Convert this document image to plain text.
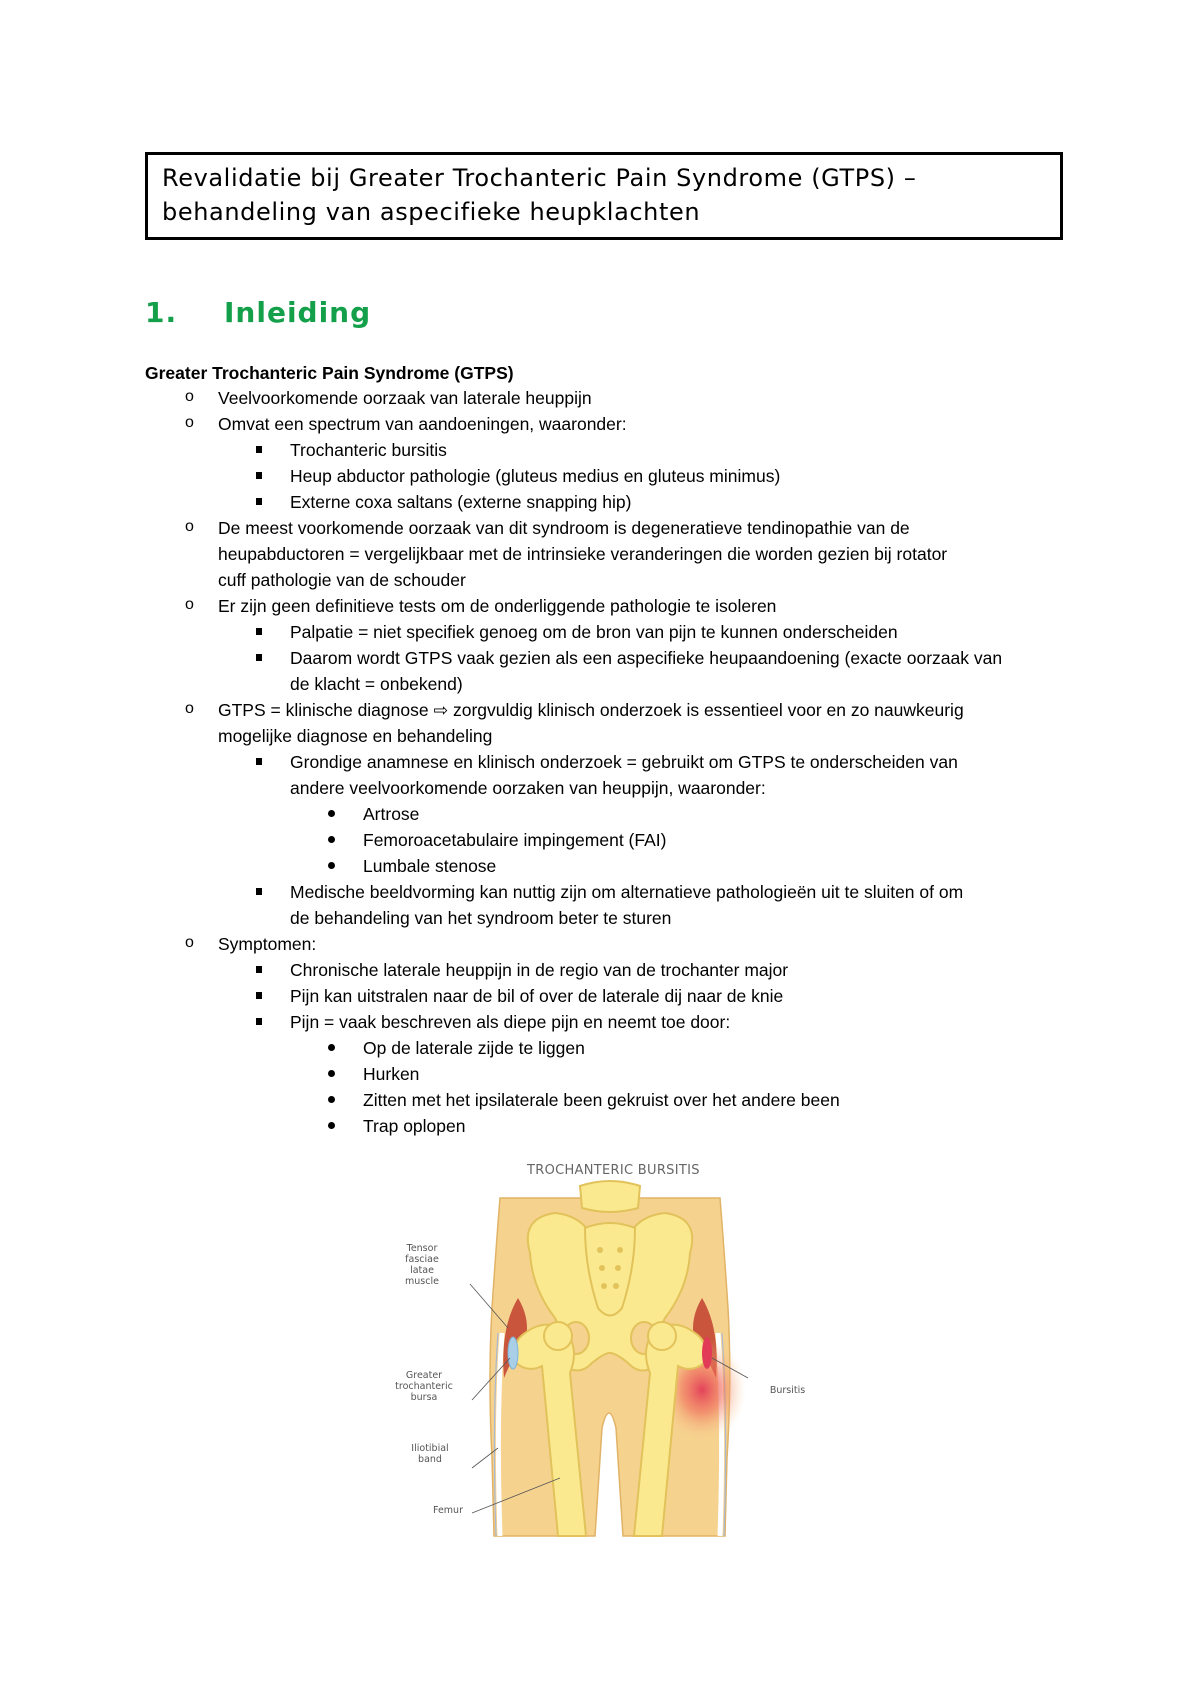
Revalidatie bij Greater Trochanteric Pain Syndrome (GTPS) –
behandeling van aspecifieke heupklachten
1. Inleiding
Greater Trochanteric Pain Syndrome (GTPS)
o Veelvoorkomende oorzaak van laterale heuppijn
o Omvat een spectrum van aandoeningen, waaronder:
Trochanteric bursitis
Heup abductor pathologie (gluteus medius en gluteus minimus)
Externe coxa saltans (externe snapping hip)
o De meest voorkomende oorzaak van dit syndroom is degeneratieve tendinopathie van de
heupabductoren = vergelijkbaar met de intrinsieke veranderingen die worden gezien bij rotator
cuff pathologie van de schouder
o Er zijn geen definitieve tests om de onderliggende pathologie te isoleren
Palpatie = niet specifiek genoeg om de bron van pijn te kunnen onderscheiden
Daarom wordt GTPS vaak gezien als een aspecifieke heupaandoening (exacte oorzaak van
de klacht = onbekend)
o GTPS = klinische diagnose ⇨ zorgvuldig klinisch onderzoek is essentieel voor en zo nauwkeurig
mogelijke diagnose en behandeling
Grondige anamnese en klinisch onderzoek = gebruikt om GTPS te onderscheiden van
andere veelvoorkomende oorzaken van heuppijn, waaronder:
Artrose
Femoroacetabulaire impingement (FAI)
Lumbale stenose
Medische beeldvorming kan nuttig zijn om alternatieve pathologieën uit te sluiten of om
de behandeling van het syndroom beter te sturen
o Symptomen:
Chronische laterale heuppijn in de regio van de trochanter major
Pijn kan uitstralen naar de bil of over de laterale dij naar de knie
Pijn = vaak beschreven als diepe pijn en neemt toe door:
Op de laterale zijde te liggen
Hurken
Zitten met het ipsilaterale been gekruist over het andere been
Trap oplopen
TROCHANTERIC BURSITIS
Tensor
fasciae latae
muscle
Greater
trochanteric
bursa
Iliotibial
band
Femur
Bursitis
